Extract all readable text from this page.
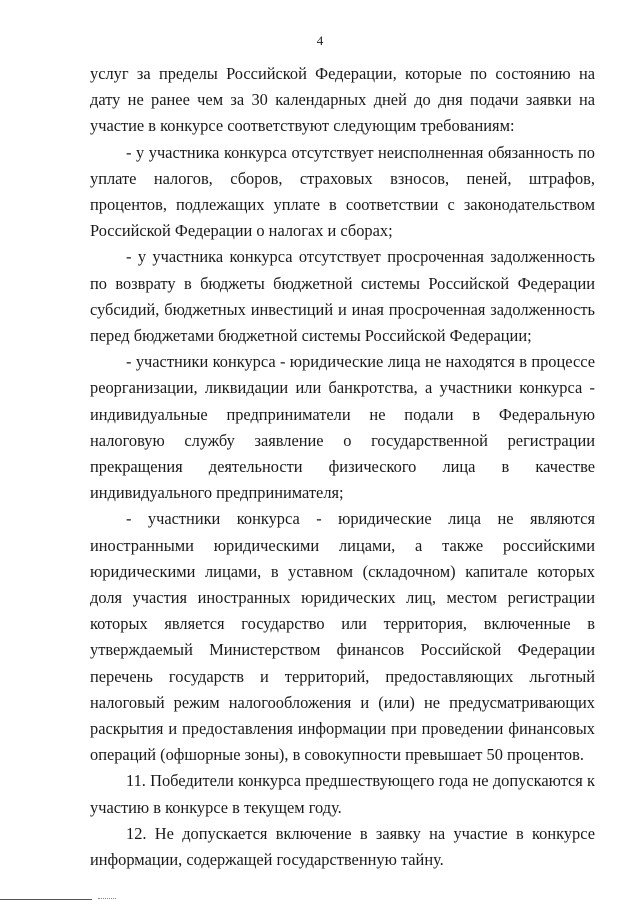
4

услуг за пределы Российской Федерации, которые по состоянию на дату не ранее чем за 30 календарных дней до дня подачи заявки на участие в конкурсе соответствуют следующим требованиям:

- у участника конкурса отсутствует неисполненная обязанность по уплате налогов, сборов, страховых взносов, пеней, штрафов, процентов, подлежащих уплате в соответствии с законодательством Российской Федерации о налогах и сборах;

- у участника конкурса отсутствует просроченная задолженность по возврату в бюджеты бюджетной системы Российской Федерации субсидий, бюджетных инвестиций и иная просроченная задолженность перед бюджетами бюджетной системы Российской Федерации;

- участники конкурса - юридические лица не находятся в процессе реорганизации, ликвидации или банкротства, а участники конкурса - индивидуальные предприниматели не подали в Федеральную налоговую службу заявление о государственной регистрации прекращения деятельности физического лица в качестве индивидуального предпринимателя;

- участники конкурса - юридические лица не являются иностранными юридическими лицами, а также российскими юридическими лицами, в уставном (складочном) капитале которых доля участия иностранных юридических лиц, местом регистрации которых является государство или территория, включенные в утверждаемый Министерством финансов Российской Федерации перечень государств и территорий, предоставляющих льготный налоговый режим налогообложения и (или) не предусматривающих раскрытия и предоставления информации при проведении финансовых операций (офшорные зоны), в совокупности превышает 50 процентов.

11. Победители конкурса предшествующего года не допускаются к участию в конкурсе в текущем году.

12. Не допускается включение в заявку на участие в конкурсе информации, содержащей государственную тайну.
